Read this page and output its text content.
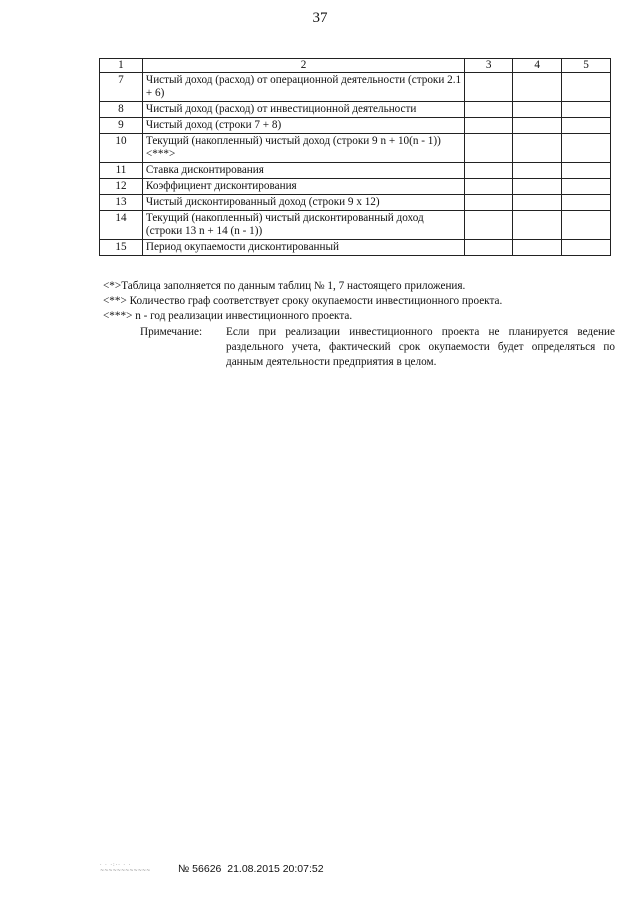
37
1	2	3	4	5
7	Чистый доход (расход) от операционной деятельности (строки 2.1 + 6)			
8	Чистый доход (расход) от инвестиционной деятельности			
9	Чистый доход (строки 7 + 8)			
10	Текущий (накопленный) чистый доход (строки 9 n + 10(n - 1)) <***>			
11	Ставка дисконтирования			
12	Коэффициент дисконтирования			
13	Чистый дисконтированный доход (строки 9 x 12)			
14	Текущий (накопленный) чистый дисконтированный доход (строки 13 n + 14 (n - 1))			
15	Период окупаемости дисконтированный			

<*>Таблица заполняется по данным таблиц № 1, 7 настоящего приложения.

<**> Количество граф соответствует сроку окупаемости инвестиционного проекта.

<***> n - год реализации инвестиционного проекта.

Примечание: Если при реализации инвестиционного проекта не планируется ведение раздельного учета, фактический срок окупаемости будет определяться по данным деятельности предприятия в целом.
· · ·:·· · ·
~~~~~~~~~~~~	№ 56626 21.08.2015 20:07:52
